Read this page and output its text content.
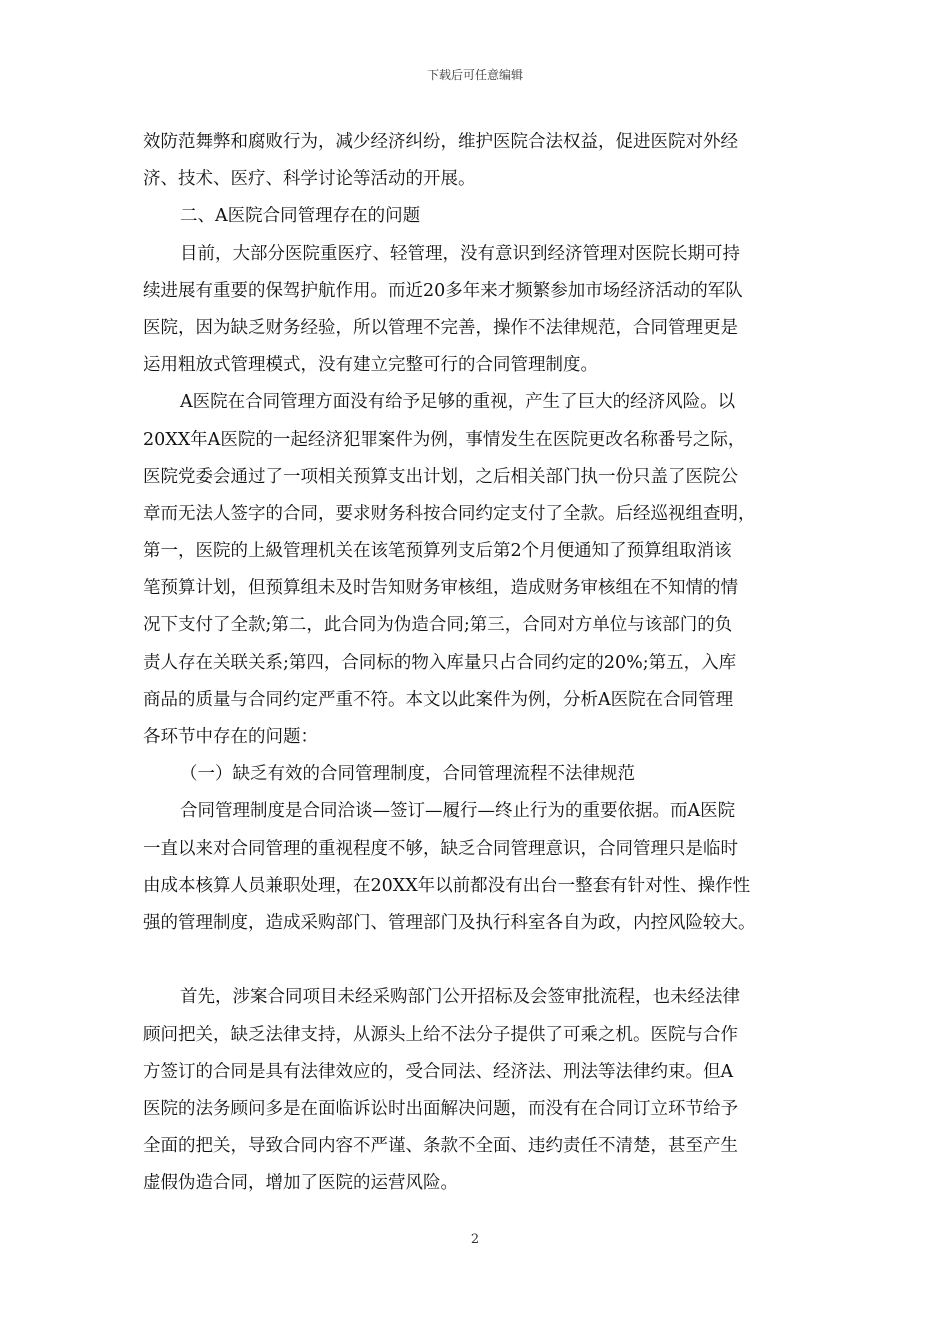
下载后可任意编辑
效防范舞弊和腐败行为，减少经济纠纷，维护医院合法权益，促进医院对外经
济、技术、医疗、科学讨论等活动的开展。
二、A医院合同管理存在的问题
目前，大部分医院重医疗、轻管理，没有意识到经济管理对医院长期可持
续进展有重要的保驾护航作用。而近20多年来才频繁参加市场经济活动的军队
医院，因为缺乏财务经验，所以管理不完善，操作不法律规范，合同管理更是
运用粗放式管理模式，没有建立完整可行的合同管理制度。
A医院在合同管理方面没有给予足够的重视，产生了巨大的经济风险。以
20XX年A医院的一起经济犯罪案件为例，事情发生在医院更改名称番号之际，
医院党委会通过了一项相关预算支出计划，之后相关部门执一份只盖了医院公
章而无法人签字的合同，要求财务科按合同约定支付了全款。后经巡视组查明，
第一，医院的上級管理机关在该笔预算列支后第2个月便通知了预算组取消该
笔预算计划，但预算组未及时告知财务审核组，造成财务审核组在不知情的情
况下支付了全款;第二，此合同为伪造合同;第三，合同对方单位与该部门的负
责人存在关联关系;第四，合同标的物入库量只占合同约定的20%;第五，入库
商品的质量与合同约定严重不符。本文以此案件为例，分析A医院在合同管理
各环节中存在的问题：
（一）缺乏有效的合同管理制度，合同管理流程不法律规范
合同管理制度是合同洽谈—签订—履行—终止行为的重要依据。而A医院
一直以来对合同管理的重视程度不够，缺乏合同管理意识，合同管理只是临时
由成本核算人员兼职处理，在20XX年以前都没有出台一整套有针对性、操作性
强的管理制度，造成采购部门、管理部门及执行科室各自为政，内控风险较大。
首先，涉案合同项目未经采购部门公开招标及会签审批流程，也未经法律
顾问把关，缺乏法律支持，从源头上给不法分子提供了可乘之机。医院与合作
方签订的合同是具有法律效应的，受合同法、经济法、刑法等法律约束。但A
医院的法务顾问多是在面临诉讼时出面解决问题，而没有在合同订立环节给予
全面的把关，导致合同内容不严谨、条款不全面、违约责任不清楚，甚至产生
虚假伪造合同，增加了医院的运营风险。
2
